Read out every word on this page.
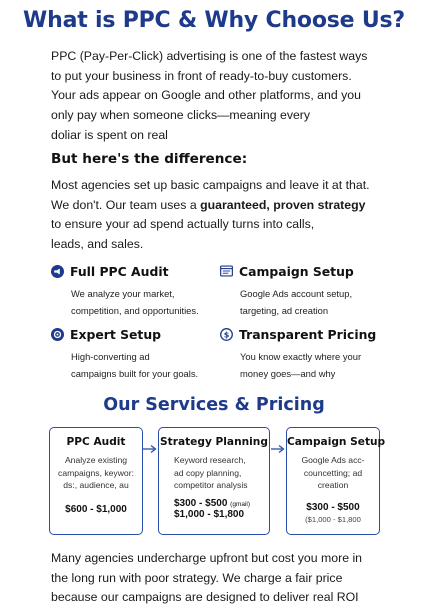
What is PPC & Why Choose Us?
PPC (Pay-Per-Click) advertising is one of the fastest ways
to put your business in front of ready-to-buy customers.
Your ads appear on Google and other platforms, and you
only pay when someone clicks—meaning every
doliar is spent on real
But here's the difference:
Most agencies set up basic campaigns and leave it at that.
We don't. Our team uses a guaranteed, proven strategy
to ensure your ad spend actually turns into calls,
leads, and sales.
Full PPC Audit
We analyze your market,
competition, and opportunities.
Campaign Setup
Google Ads account setup,
targeting, ad creation
Expert Setup
High-converting ad
campaigns built for your goals.
$ Transparent Pricing
You know exactly where your
money goes—and why
Our Services & Pricing
PPC Audit
Analyze existing
campaigns, keywor:
ds:, audience, au
$600 - $1,000
Strategy Planning
Keyword research,
ad copy planning,
competitor analysis
$300 - $500 (gmail)
$1,000 - $1,800
Campaign Setup
Google Ads acc-
councetting; ad
creation
$300 - $500
($1,000 - $1,800
Many agencies undercharge upfront but cost you more in
the long run with poor strategy. We charge a fair price
because our campaigns are designed to deliver real ROI
